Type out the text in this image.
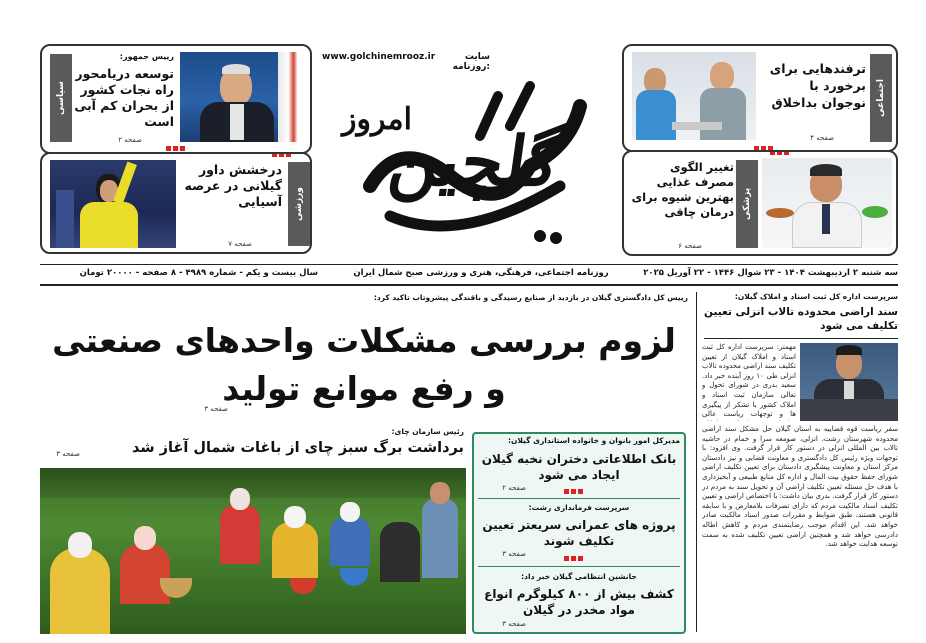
www.golchinemrooz.ir	سایت روزنامه:
گلچین
امروز
سیاسی
رییس جمهور:
توسعه دریامحور راه نجات کشور از بحران کم آبی است
صفحه ۲
ورزشی
درخشش داور گیلانی در عرصه آسیایی
صفحه ۷
اجتماعی
ترفندهایی برای برخورد با نوجوان بداخلاق
صفحه ۴
پزشکی
تغییر الگوی مصرف غذایی بهترین شیوه برای درمان چاقی
صفحه ۶
سه شنبه ۲ اردیبهشت ۱۴۰۴ - ۲۳ شوال ۱۴۴۶ - ۲۲ آوریل ۲۰۲۵
روزنامه اجتماعی، فرهنگی، هنری و ورزشی صبح شمال ایران
سال بیست و یکم - شماره ۴۹۸۹ - ۸ صفحه - ۲۰۰۰۰ تومان
سرپرست اداره کل ثبت اسناد و املاک گیلان:
سند اراضی محدوده تالاب انزلی تعیین تکلیف می شود
مهمتر: سرپرست اداره کل ثبت اسناد و املاک گیلان از تعیین تکلیف سند اراضی محدوده تالاب انزلی طی ۱۰ روز آینده خبر داد. سعید بدری در شورای تحول و تعالی سازمان ثبت اسناد و املاک کشور با تشکر از پیگیری ها و توجهات ریاست عالی
سفر ریاست قوه قضاییه به استان گیلان حل مشکل سند اراضی محدوده شهرستان رشت، انزلی، صومعه سرا و خمام در حاشیه تالاب بین المللی انزلی در دستور کار قرار گرفت. وی افزود: با توجهات ویژه رئیس کل دادگستری و معاونت قضایی و نیز دادستان مرکز استان و معاونت پیشگیری دادستان برای تعیین تکلیف اراضی شورای حفظ حقوق بیت المال و اداره کل منابع طبیعی و آبخیزداری با هدف حل مسئله تعیین تکلیف اراضی آن و تحویل سند به مردم در دستور کار قرار گرفت. بدری بیان داشت: با اختصاص اراضی و تعیین تکلیف اسناد مالکیت مردم که دارای تصرفات بلامعارض و با سابقه قانونی هستند، طبق ضوابط و مقررات صدور اسناد مالکیت صادر خواهد شد. این اقدام موجب رضایتمندی مردم و کاهش اطاله دادرسی خواهد شد و همچنین اراضی تعیین تکلیف شده به سمت توسعه هدایت خواهد شد.
رییس کل دادگستری گیلان در بازدید از صنایع رسیدگی و باقندگی پیشروتاب تاکید کرد:
لزوم بررسی مشکلات واحدهای صنعتی
و رفع موانع تولید
صفحه ۳
رئیس سازمان چای:
برداشت برگ سبز چای از باغات شمال آغاز شد
صفحه ۳
مدیرکل امور بانوان و خانواده استانداری گیلان:
بانک اطلاعاتی دختران نخبه گیلان ایجاد می شود
صفحه ۲
سرپرست فرمانداری رشت:
پروژه های عمرانی سریعتر تعیین تکلیف شوند
صفحه ۳
جانشین انتظامی گیلان خبر داد:
کشف بیش از ۸۰۰ کیلوگرم انواع مواد مخدر در گیلان
صفحه ۳
